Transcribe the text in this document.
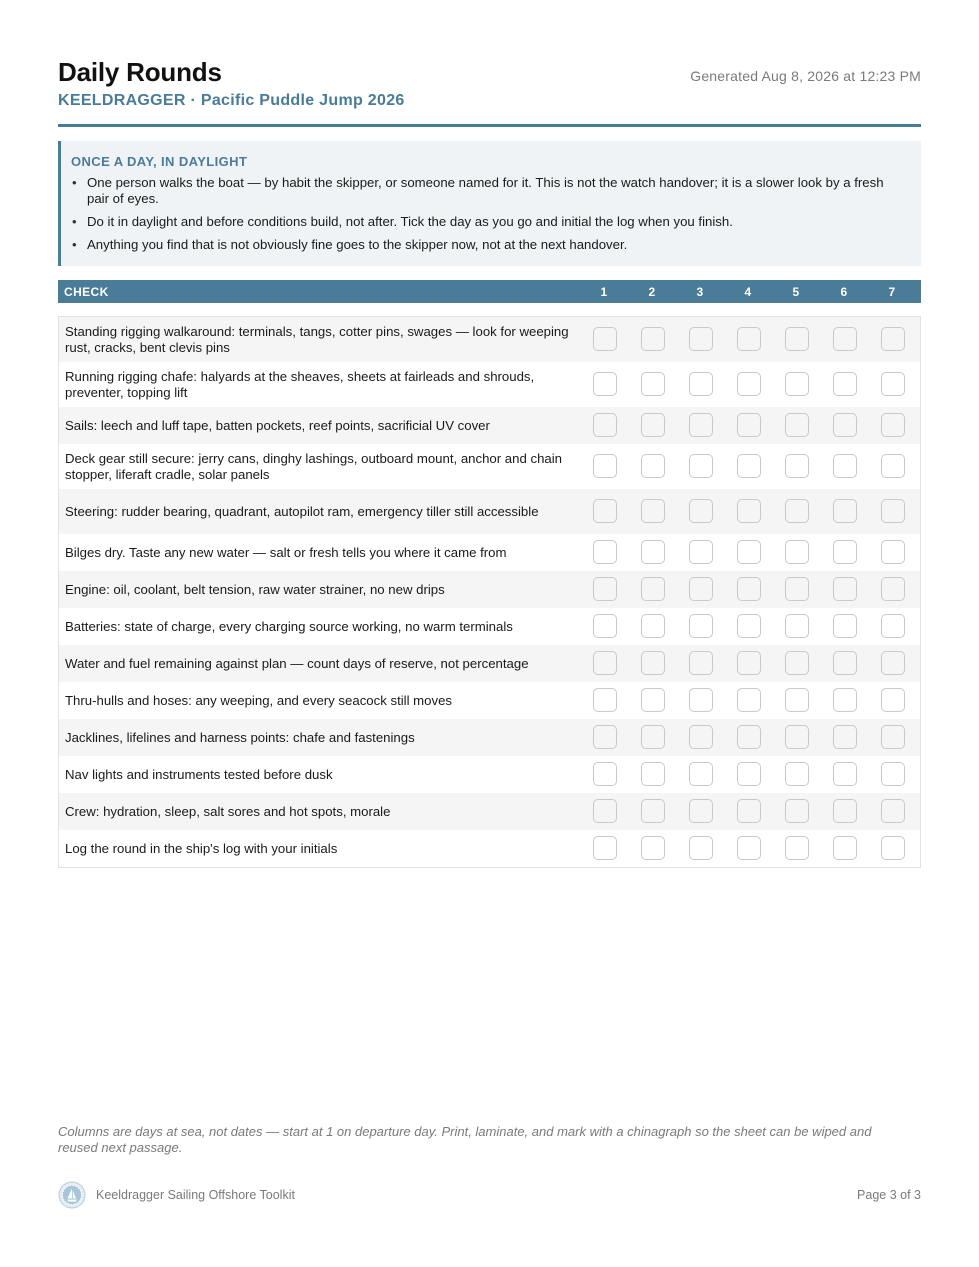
Daily Rounds
KEELDRAGGER · Pacific Puddle Jump 2026
Generated Aug 8, 2026 at 12:23 PM
ONCE A DAY, IN DAYLIGHT
• One person walks the boat — by habit the skipper, or someone named for it. This is not the watch handover; it is a slower look by a fresh pair of eyes.
• Do it in daylight and before conditions build, not after. Tick the day as you go and initial the log when you finish.
• Anything you find that is not obviously fine goes to the skipper now, not at the next handover.
CHECK	1	2	3	4	5	6	7
Standing rigging walkaround: terminals, tangs, cotter pins, swages — look for weeping rust, cracks, bent clevis pins
Running rigging chafe: halyards at the sheaves, sheets at fairleads and shrouds, preventer, topping lift
Sails: leech and luff tape, batten pockets, reef points, sacrificial UV cover
Deck gear still secure: jerry cans, dinghy lashings, outboard mount, anchor and chain stopper, liferaft cradle, solar panels
Steering: rudder bearing, quadrant, autopilot ram, emergency tiller still accessible
Bilges dry. Taste any new water — salt or fresh tells you where it came from
Engine: oil, coolant, belt tension, raw water strainer, no new drips
Batteries: state of charge, every charging source working, no warm terminals
Water and fuel remaining against plan — count days of reserve, not percentage
Thru-hulls and hoses: any weeping, and every seacock still moves
Jacklines, lifelines and harness points: chafe and fastenings
Nav lights and instruments tested before dusk
Crew: hydration, sleep, salt sores and hot spots, morale
Log the round in the ship's log with your initials
Columns are days at sea, not dates — start at 1 on departure day. Print, laminate, and mark with a chinagraph so the sheet can be wiped and reused next passage.
Keeldragger Sailing Offshore Toolkit	Page 3 of 3
